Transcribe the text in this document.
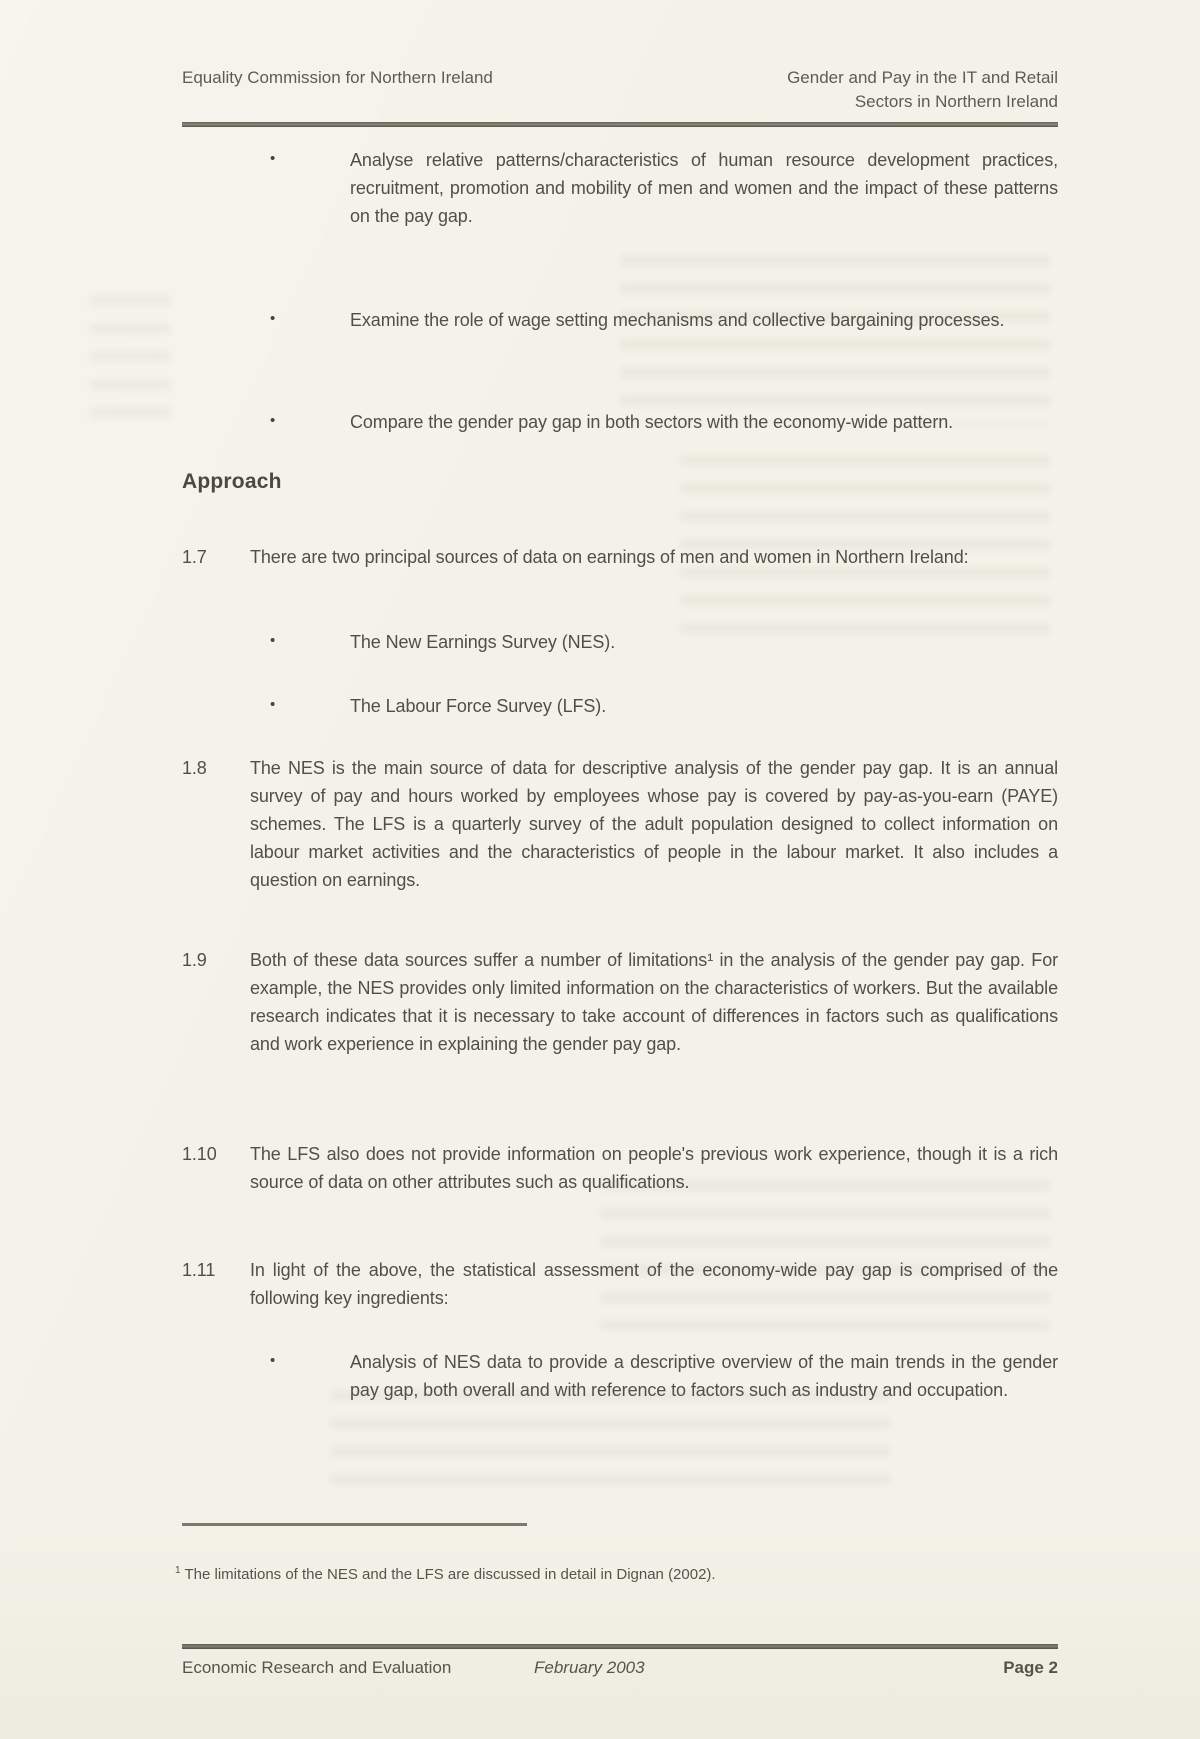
Equality Commission for Northern Ireland	Gender and Pay in the IT and Retail
Sectors in Northern Ireland
•	Analyse relative patterns/characteristics of human resource development practices, recruitment, promotion and mobility of men and women and the impact of these patterns on the pay gap.
•	Examine the role of wage setting mechanisms and collective bargaining processes.
•	Compare the gender pay gap in both sectors with the economy-wide pattern.
Approach
1.7 There are two principal sources of data on earnings of men and women in Northern Ireland:
•	The New Earnings Survey (NES).
•	The Labour Force Survey (LFS).
1.8 The NES is the main source of data for descriptive analysis of the gender pay gap. It is an annual survey of pay and hours worked by employees whose pay is covered by pay-as-you-earn (PAYE) schemes. The LFS is a quarterly survey of the adult population designed to collect information on labour market activities and the characteristics of people in the labour market. It also includes a question on earnings.
1.9 Both of these data sources suffer a number of limitations¹ in the analysis of the gender pay gap. For example, the NES provides only limited information on the characteristics of workers. But the available research indicates that it is necessary to take account of differences in factors such as qualifications and work experience in explaining the gender pay gap.
1.10 The LFS also does not provide information on people's previous work experience, though it is a rich source of data on other attributes such as qualifications.
1.11 In light of the above, the statistical assessment of the economy-wide pay gap is comprised of the following key ingredients:
•	Analysis of NES data to provide a descriptive overview of the main trends in the gender pay gap, both overall and with reference to factors such as industry and occupation.
$^1$ The limitations of the NES and the LFS are discussed in detail in Dignan (2002).
Economic Research and Evaluation	February 2003	Page 2
